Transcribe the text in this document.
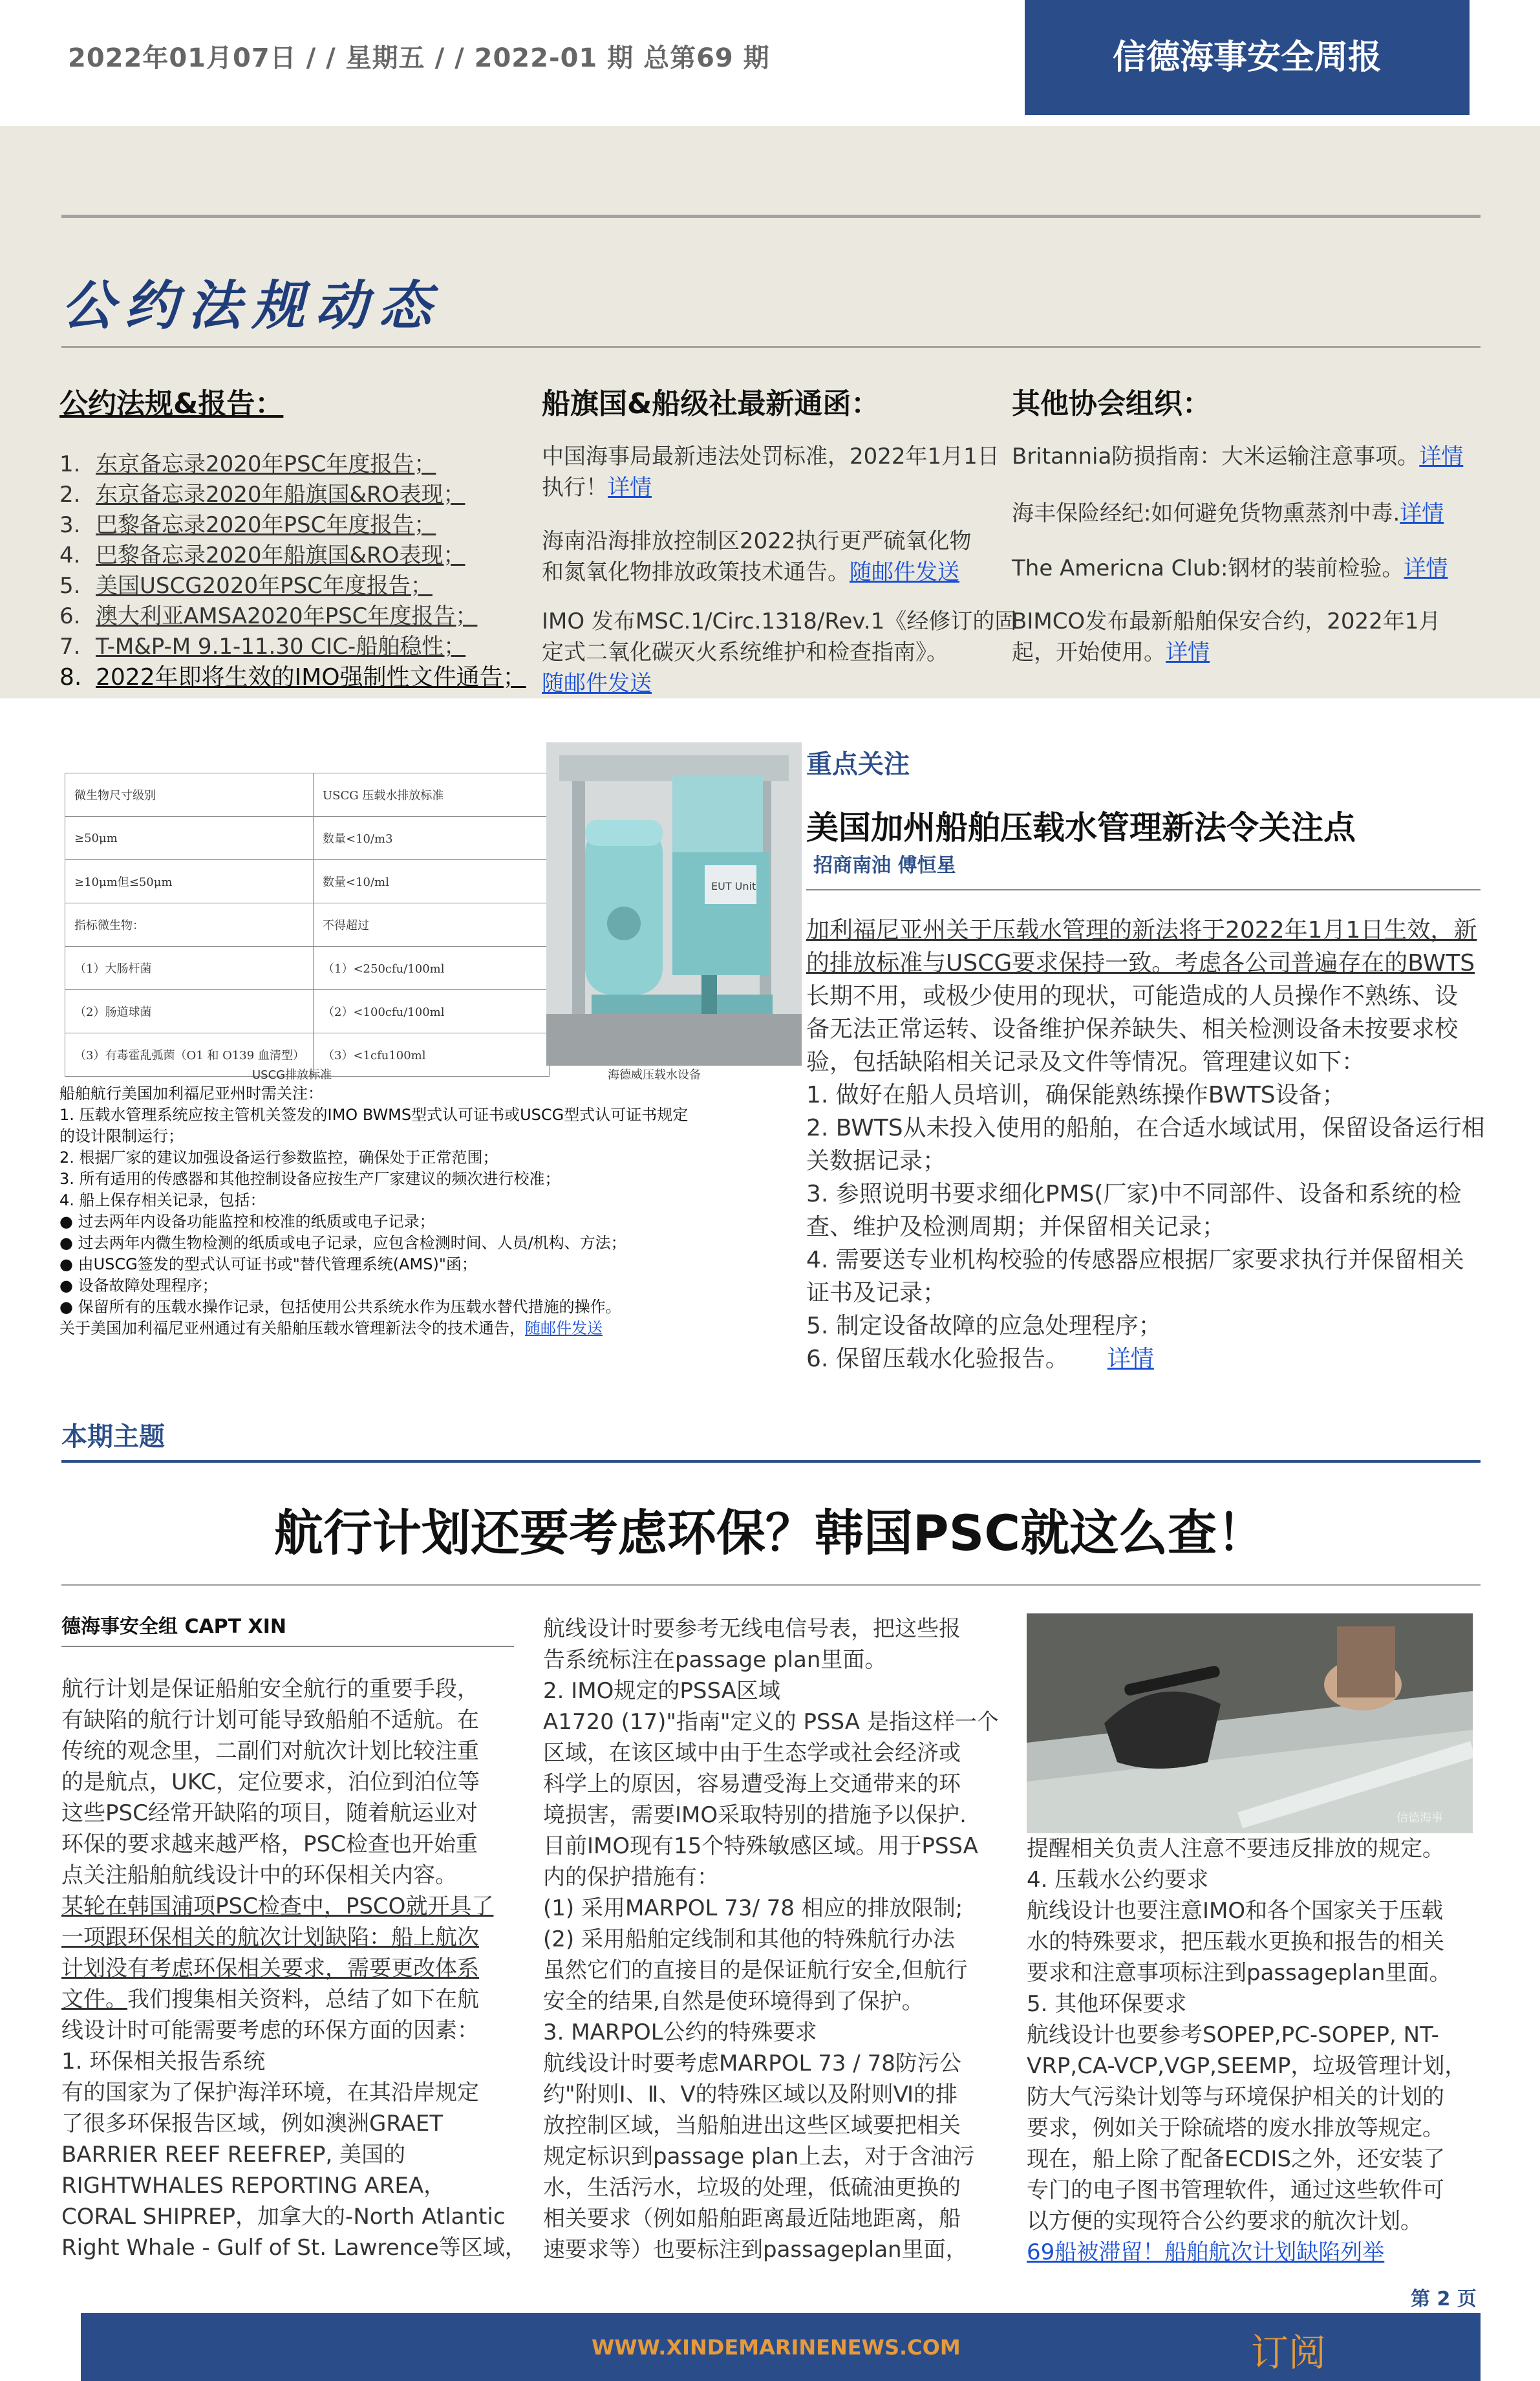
2022年01月07日 / / 星期五 / / 2022-01 期 总第69 期	信德海事安全周报
公约法规动态
公约法规&报告：	船旗国&船级社最新通函：	其他协会组织：
1. 东京备忘录2020年PSC年度报告；
2. 东京备忘录2020年船旗国&RO表现；
3. 巴黎备忘录2020年PSC年度报告；
4. 巴黎备忘录2020年船旗国&RO表现；
5. 美国USCG2020年PSC年度报告；
6. 澳大利亚AMSA2020年PSC年度报告；
7. T-M&P-M 9.1-11.30 CIC-船舶稳性；
8. 2022年即将生效的IMO强制性文件通告；
中国海事局最新违法处罚标准，2022年1月1日
执行！详情
海南沿海排放控制区2022执行更严硫氧化物
和氮氧化物排放政策技术通告。随邮件发送
IMO 发布MSC.1/Circ.1318/Rev.1《经修订的固
定式二氧化碳灭火系统维护和检查指南》。
随邮件发送
Britannia防损指南：大米运输注意事项。详情
海丰保险经纪:如何避免货物熏蒸剂中毒.详情
The Americna Club:钢材的装前检验。详情
BIMCO发布最新船舶保安合约，2022年1月
起，开始使用。详情
微生物尺寸级别	USCG 压载水排放标准
≥50μm	数量<10/m3
≥10μm但≤50μm	数量<10/ml
指标微生物：	不得超过
（1）大肠杆菌	（1）<250cfu/100ml
（2）肠道球菌	（2）<100cfu/100ml
（3）有毒霍乱弧菌（O1 和 O139 血清型）	（3）<1cfu100ml
EUT Unit
USCG排放标准	海德威压载水设备
船舶航行美国加利福尼亚州时需关注：
1. 压载水管理系统应按主管机关签发的IMO BWMS型式认可证书或USCG型式认可证书规定
的设计限制运行；
2. 根据厂家的建议加强设备运行参数监控，确保处于正常范围；
3. 所有适用的传感器和其他控制设备应按生产厂家建议的频次进行校准；
4. 船上保存相关记录，包括：
● 过去两年内设备功能监控和校准的纸质或电子记录；
● 过去两年内微生物检测的纸质或电子记录，应包含检测时间、人员/机构、方法；
● 由USCG签发的型式认可证书或"替代管理系统(AMS)"函；
● 设备故障处理程序；
● 保留所有的压载水操作记录，包括使用公共系统水作为压载水替代措施的操作。
关于美国加利福尼亚州通过有关船舶压载水管理新法令的技术通告，随邮件发送
重点关注
美国加州船舶压载水管理新法令关注点
招商南油 傅恒星
加利福尼亚州关于压载水管理的新法将于2022年1月1日生效，新
的排放标准与USCG要求保持一致。考虑各公司普遍存在的BWTS
长期不用，或极少使用的现状，可能造成的人员操作不熟练、设
备无法正常运转、设备维护保养缺失、相关检测设备未按要求校
验，包括缺陷相关记录及文件等情况。管理建议如下：
1. 做好在船人员培训，确保能熟练操作BWTS设备；
2. BWTS从未投入使用的船舶，在合适水域试用，保留设备运行相
关数据记录；
3. 参照说明书要求细化PMS(厂家)中不同部件、设备和系统的检
查、维护及检测周期；并保留相关记录；
4. 需要送专业机构校验的传感器应根据厂家要求执行并保留相关
证书及记录；
5. 制定设备故障的应急处理程序；
6. 保留压载水化验报告。 详情
本期主题
航行计划还要考虑环保？韩国PSC就这么查！
德海事安全组 CAPT XIN
航行计划是保证船舶安全航行的重要手段，
有缺陷的航行计划可能导致船舶不适航。在
传统的观念里，二副们对航次计划比较注重
的是航点，UKC，定位要求，泊位到泊位等
这些PSC经常开缺陷的项目，随着航运业对
环保的要求越来越严格，PSC检查也开始重
点关注船舶航线设计中的环保相关内容。
某轮在韩国浦项PSC检查中，PSCO就开具了
一项跟环保相关的航次计划缺陷：船上航次
计划没有考虑环保相关要求，需要更改体系
文件。我们搜集相关资料，总结了如下在航
线设计时可能需要考虑的环保方面的因素：
1. 环保相关报告系统
有的国家为了保护海洋环境，在其沿岸规定
了很多环保报告区域，例如澳洲GRAET
BARRIER REEF REEFREP, 美国的
RIGHTWHALES REPORTING AREA，
CORAL SHIPREP，加拿大的-North Atlantic
Right Whale - Gulf of St. Lawrence等区域，
航线设计时要参考无线电信号表，把这些报
告系统标注在passage plan里面。
2. IMO规定的PSSA区域
A1720 (17)"指南"定义的 PSSA 是指这样一个
区域，在该区域中由于生态学或社会经济或
科学上的原因，容易遭受海上交通带来的环
境损害，需要IMO采取特别的措施予以保护.
目前IMO现有15个特殊敏感区域。用于PSSA
内的保护措施有：
(1) 采用MARPOL 73/ 78 相应的排放限制;
(2) 采用船舶定线制和其他的特殊航行办法
虽然它们的直接目的是保证航行安全,但航行
安全的结果,自然是使环境得到了保护。
3. MARPOL公约的特殊要求
航线设计时要考虑MARPOL 73 / 78防污公
约"附则Ⅰ、Ⅱ、Ⅴ的特殊区域以及附则Ⅵ的排
放控制区域，当船舶进出这些区域要把相关
规定标识到passage plan上去，对于含油污
水，生活污水，垃圾的处理，低硫油更换的
相关要求（例如船舶距离最近陆地距离，船
速要求等）也要标注到passageplan里面，
信德海事
提醒相关负责人注意不要违反排放的规定。
4. 压载水公约要求
航线设计也要注意IMO和各个国家关于压载
水的特殊要求，把压载水更换和报告的相关
要求和注意事项标注到passageplan里面。
5. 其他环保要求
航线设计也要参考SOPEP,PC-SOPEP, NT-
VRP,CA-VCP,VGP,SEEMP，垃圾管理计划，
防大气污染计划等与环境保护相关的计划的
要求，例如关于除硫塔的废水排放等规定。
现在，船上除了配备ECDIS之外，还安装了
专门的电子图书管理软件，通过这些软件可
以方便的实现符合公约要求的航次计划。
69船被滞留！船舶航次计划缺陷列举
第 2 页
WWW.XINDEMARINENEWS.COM	订阅
